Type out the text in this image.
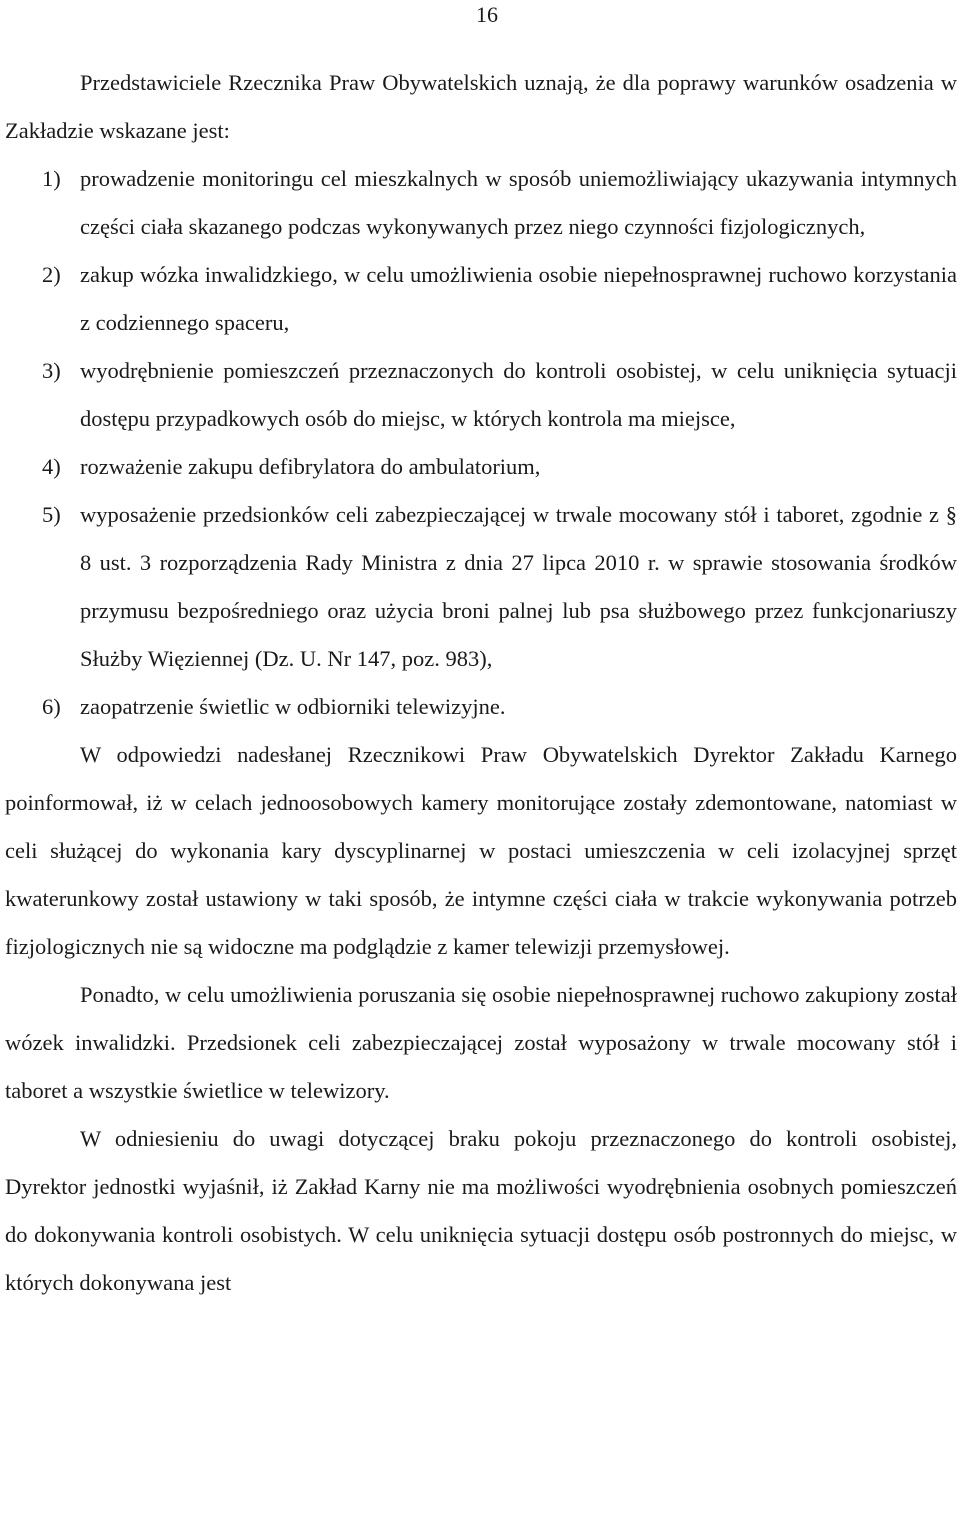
16

Przedstawiciele Rzecznika Praw Obywatelskich uznają, że dla poprawy warunków osadzenia w Zakładzie wskazane jest:

1) prowadzenie monitoringu cel mieszkalnych w sposób uniemożliwiający ukazywania intymnych części ciała skazanego podczas wykonywanych przez niego czynności fizjologicznych,
2) zakup wózka inwalidzkiego, w celu umożliwienia osobie niepełnosprawnej ruchowo korzystania z codziennego spaceru,
3) wyodrębnienie pomieszczeń przeznaczonych do kontroli osobistej, w celu uniknięcia sytuacji dostępu przypadkowych osób do miejsc, w których kontrola ma miejsce,
4) rozważenie zakupu defibrylatora do ambulatorium,
5) wyposażenie przedsionków celi zabezpieczającej w trwale mocowany stół i taboret, zgodnie z § 8 ust. 3 rozporządzenia Rady Ministra z dnia 27 lipca 2010 r. w sprawie stosowania środków przymusu bezpośredniego oraz użycia broni palnej lub psa służbowego przez funkcjonariuszy Służby Więziennej (Dz. U. Nr 147, poz. 983),
6) zaopatrzenie świetlic w odbiorniki telewizyjne.

W odpowiedzi nadesłanej Rzecznikowi Praw Obywatelskich Dyrektor Zakładu Karnego poinformował, iż w celach jednoosobowych kamery monitorujące zostały zdemontowane, natomiast w celi służącej do wykonania kary dyscyplinarnej w postaci umieszczenia w celi izolacyjnej sprzęt kwaterunkowy został ustawiony w taki sposób, że intymne części ciała w trakcie wykonywania potrzeb fizjologicznych nie są widoczne ma podglądzie z kamer telewizji przemysłowej.

Ponadto, w celu umożliwienia poruszania się osobie niepełnosprawnej ruchowo zakupiony został wózek inwalidzki. Przedsionek celi zabezpieczającej został wyposażony w trwale mocowany stół i taboret a wszystkie świetlice w telewizory.

W odniesieniu do uwagi dotyczącej braku pokoju przeznaczonego do kontroli osobistej, Dyrektor jednostki wyjaśnił, iż Zakład Karny nie ma możliwości wyodrębnienia osobnych pomieszczeń do dokonywania kontroli osobistych. W celu uniknięcia sytuacji dostępu osób postronnych do miejsc, w których dokonywana jest
